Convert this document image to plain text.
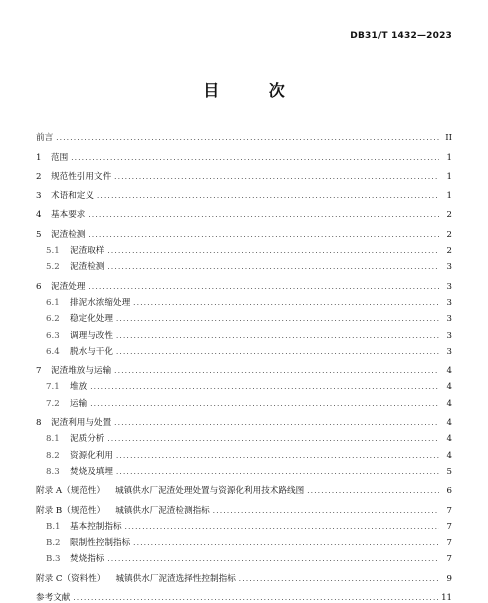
DB31/T 1432—2023
目 次
前言 .....	II
1	范围 .....	1
2	规范性引用文件 .....	1
3	术语和定义 .....	1
4	基本要求 .....	2
5	泥渣检测 .....	2
5.1	泥渣取样 .....	2
5.2	泥渣检测 .....	3
6	泥渣处理 .....	3
6.1	排泥水浓缩处理 .....	3
6.2	稳定化处理 .....	3
6.3	调理与改性 .....	3
6.4	脱水与干化 .....	3
7	泥渣堆放与运输 .....	4
7.1	堆放 .....	4
7.2	运输 .....	4
8	泥渣利用与处置 .....	4
8.1	泥质分析 .....	4
8.2	资源化利用 .....	4
8.3	焚烧及填埋 .....	5
附录 A（规范性） 城镇供水厂泥渣处理处置与资源化利用技术路线图 .....	6
附录 B（规范性） 城镇供水厂泥渣检测指标 .....	7
B.1	基本控制指标 .....	7
B.2	限制性控制指标 .....	7
B.3	焚烧指标 .....	7
附录 C（资料性） 城镇供水厂泥渣选择性控制指标 .....	9
参考文献 .....	11
